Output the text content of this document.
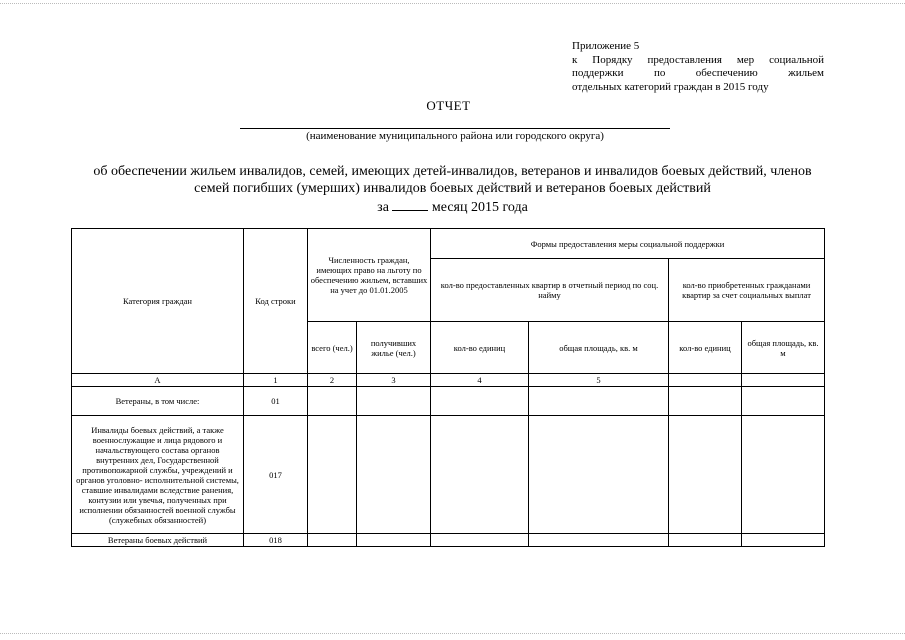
Приложение 5
к Порядку предоставления мер социальной
поддержки по обеспечению жильем
отдельных категорий граждан в 2015 году
ОТЧЕТ
(наименование муниципального района или городского округа)
об обеспечении жильем инвалидов, семей, имеющих детей-инвалидов, ветеранов и инвалидов боевых действий, членов
семей погибших (умерших) инвалидов боевых действий и ветеранов боевых действий
за	месяц 2015 года
Категория граждан	Код строки	Численность граждан, имеющих право на льготу по обеспечению жильем, вставших на учет до 01.01.2005		Формы предоставления меры социальной поддержки			
				кол-во предоставленных квартир в отчетный период по соц. найму		кол-во приобретенных гражданами квартир за счет социальных выплат	
		всего (чел.)	получивших жилье (чел.)	кол-во единиц	общая площадь, кв. м	кол-во единиц	общая площадь, кв. м
А	1	2	3	4	5		
Ветераны, в том числе:	01						
Инвалиды боевых действий, а также военнослужащие и лица рядового и начальствующего состава органов внутренних дел, Государственной противопожарной службы, учреждений и органов уголовно- исполнительной системы, ставшие инвалидами вследствие ранения, контузии или увечья, полученных при исполнении обязанностей военной службы (служебных обязанностей)	017						
Ветераны боевых действий	018						
